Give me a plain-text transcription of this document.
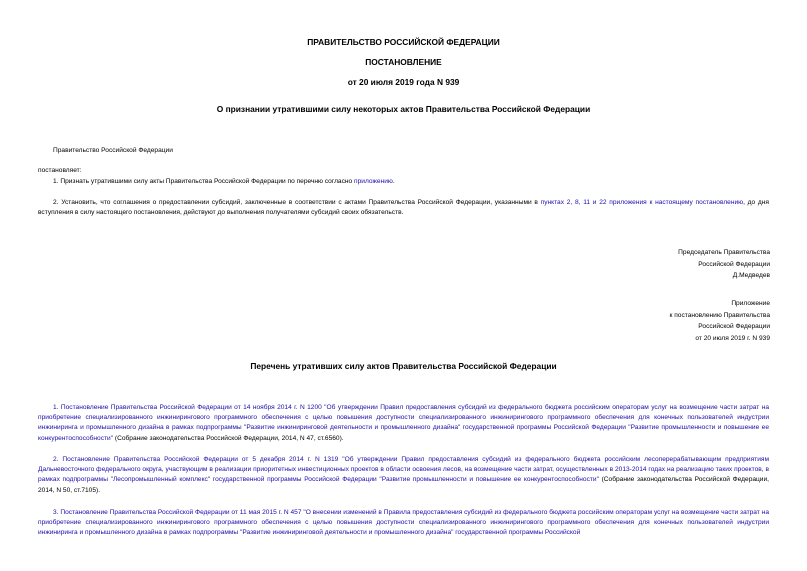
ПРАВИТЕЛЬСТВО РОССИЙСКОЙ ФЕДЕРАЦИИ
ПОСТАНОВЛЕНИЕ
от 20 июля 2019 года N 939
О признании утратившими силу некоторых актов Правительства Российской Федерации
Правительство Российской Федерации
постановляет:
1. Признать утратившими силу акты Правительства Российской Федерации по перечню согласно приложению.
2. Установить, что соглашения о предоставлении субсидий, заключенные в соответствии с актами Правительства Российской Федерации, указанными в пунктах 2, 8, 11 и 22 приложения к настоящему постановлению, до дня вступления в силу настоящего постановления, действуют до выполнения получателями субсидий своих обязательств.
Председатель Правительства
Российской Федерации
Д.Медведев
Приложение
к постановлению Правительства
Российской Федерации
от 20 июля 2019 г. N 939
Перечень утративших силу актов Правительства Российской Федерации
1. Постановление Правительства Российской Федерации от 14 ноября 2014 г. N 1200 "Об утверждении Правил предоставления субсидий из федерального бюджета российским операторам услуг на возмещение части затрат на приобретение специализированного инжинирингового программного обеспечения с целью повышения доступности специализированного инжинирингового программного обеспечения для конечных пользователей индустрии инжиниринга и промышленного дизайна в рамках подпрограммы "Развитие инжиниринговой деятельности и промышленного дизайна" государственной программы Российской Федерации "Развитие промышленности и повышение ее конкурентоспособности" (Собрание законодательства Российской Федерации, 2014, N 47, ст.6560).
2. Постановление Правительства Российской Федерации от 5 декабря 2014 г. N 1319 "Об утверждении Правил предоставления субсидий из федерального бюджета российским лесоперерабатывающим предприятиям Дальневосточного федерального округа, участвующим в реализации приоритетных инвестиционных проектов в области освоения лесов, на возмещение части затрат, осуществленных в 2013-2014 годах на реализацию таких проектов, в рамках подпрограммы "Лесопромышленный комплекс" государственной программы Российской Федерации "Развитие промышленности и повышение ее конкурентоспособности" (Собрание законодательства Российской Федерации, 2014, N 50, ст.7105).
3. Постановление Правительства Российской Федерации от 11 мая 2015 г. N 457 "О внесении изменений в Правила предоставления субсидий из федерального бюджета российским операторам услуг на возмещение части затрат на приобретение специализированного инжинирингового программного обеспечения с целью повышения доступности специализированного инжинирингового программного обеспечения для конечных пользователей индустрии инжиниринга и промышленного дизайна в рамках подпрограммы "Развитие инжиниринговой деятельности и промышленного дизайна" государственной программы Российской
